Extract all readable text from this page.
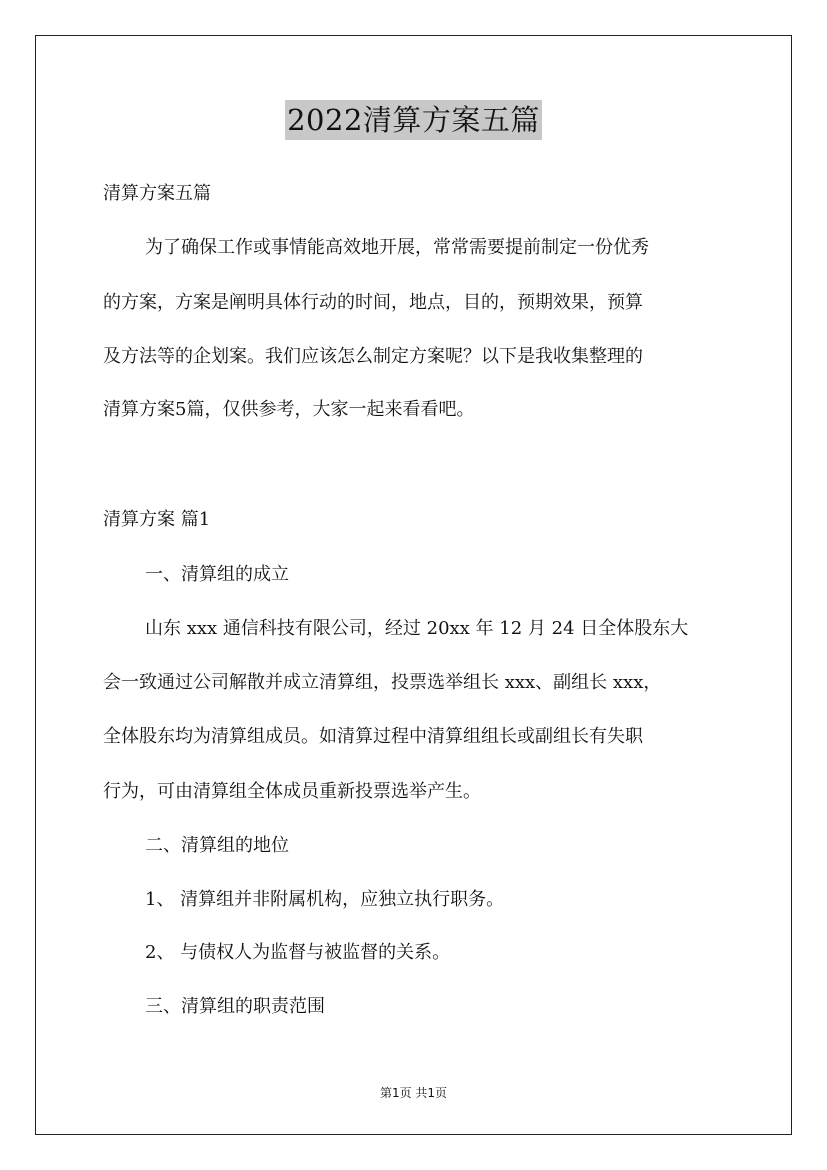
2022清算方案五篇
清算方案五篇
为了确保工作或事情能高效地开展，常常需要提前制定一份优秀
的方案，方案是阐明具体行动的时间，地点，目的，预期效果，预算
及方法等的企划案。我们应该怎么制定方案呢？以下是我收集整理的
清算方案5篇，仅供参考，大家一起来看看吧。
清算方案 篇1
一、清算组的成立
山东 xxx 通信科技有限公司，经过 20xx 年 12 月 24 日全体股东大
会一致通过公司解散并成立清算组，投票选举组长 xxx、副组长 xxx，
全体股东均为清算组成员。如清算过程中清算组组长或副组长有失职
行为，可由清算组全体成员重新投票选举产生。
二、清算组的地位
1、 清算组并非附属机构，应独立执行职务。
2、 与债权人为监督与被监督的关系。
三、清算组的职责范围
第1页 共1页
